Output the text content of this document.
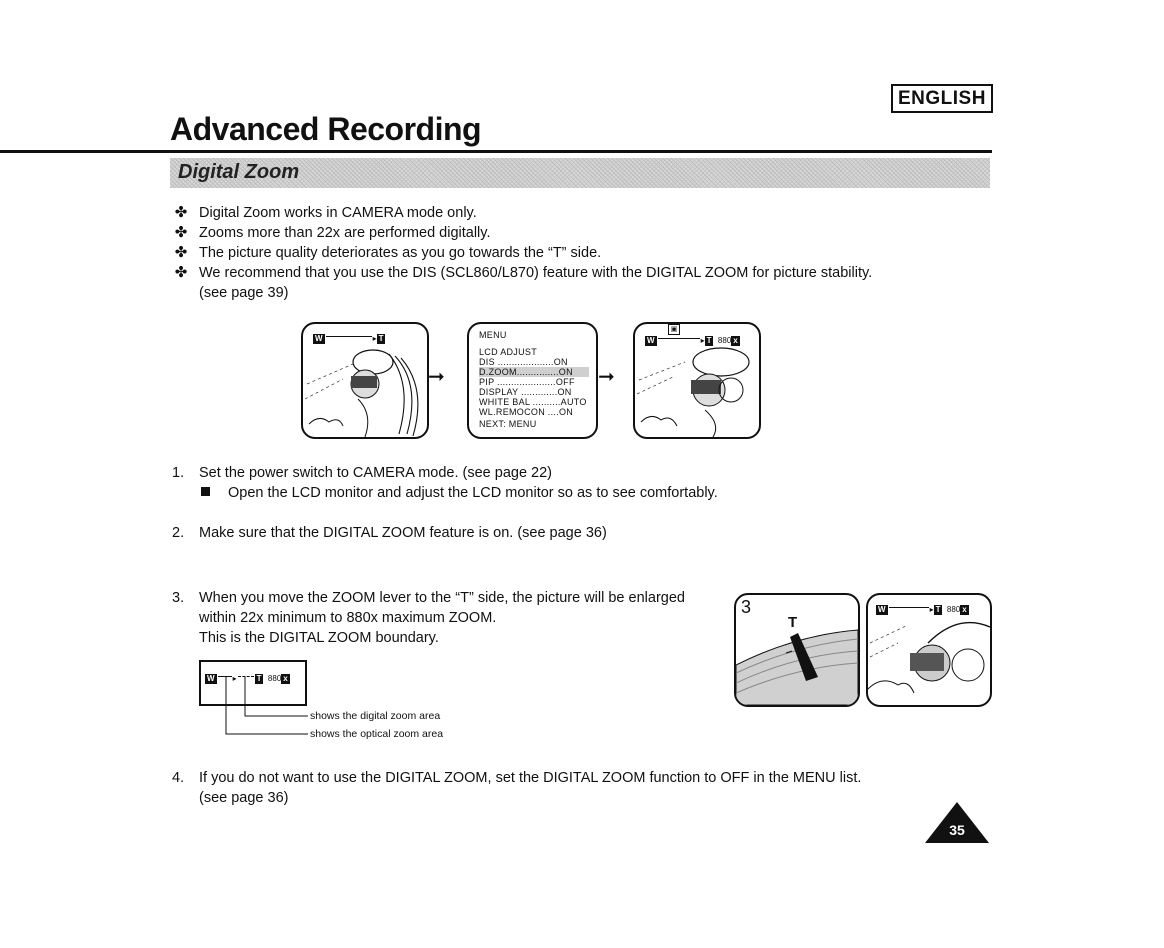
ENGLISH
Advanced Recording
Digital Zoom
✤ Digital Zoom works in CAMERA mode only.
✤ Zooms more than 22x are performed digitally.
✤ The picture quality deteriorates as you go towards the “T” side.
✤ We recommend that you use the DIS (SCL860/L870) feature with the DIGITAL ZOOM for picture stability.
(see page 39)
W	▸ T
➞
MENU
LCD ADJUST
DIS ....................ON
D.ZOOM...............ON
PIP .....................OFF
DISPLAY .............ON
WHITE BAL ..........AUTO
WL.REMOCON ....ON
NEXT: MENU
➞
W	▸ T 880 x
▣
1. Set the power switch to CAMERA mode. (see page 22)
Open the LCD monitor and adjust the LCD monitor so as to see comfortably.
2. Make sure that the DIGITAL ZOOM feature is on. (see page 36)
3. When you move the ZOOM lever to the “T” side, the picture will be enlarged
within 22x minimum to 880x maximum ZOOM.
This is the DIGITAL ZOOM boundary.
W ▸	T 880 x
shows the digital zoom area
shows the optical zoom area
3
T
W	▸ T 880 x
4. If you do not want to use the DIGITAL ZOOM, set the DIGITAL ZOOM function to OFF in the MENU list.
(see page 36)
35
